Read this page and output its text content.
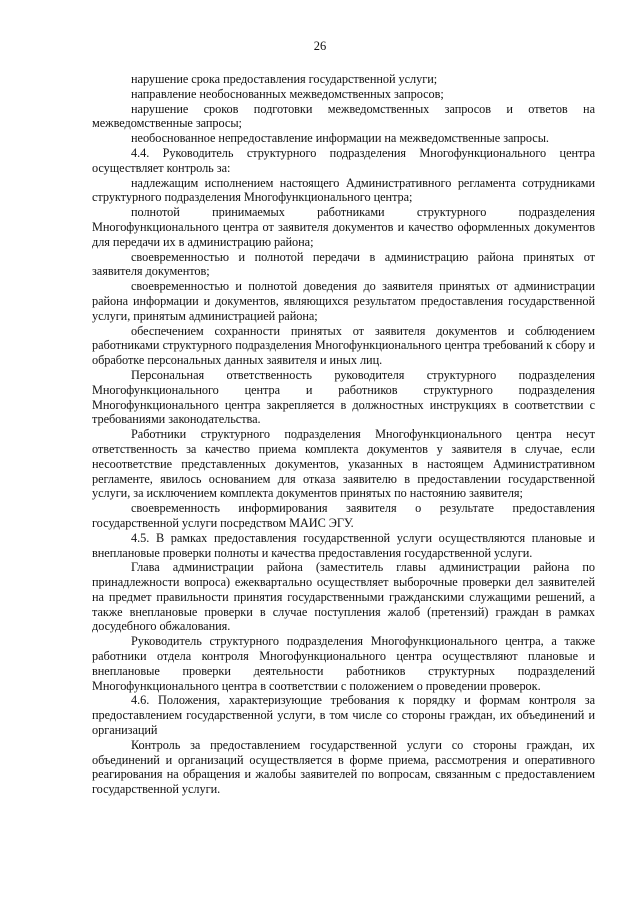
26

нарушение срока предоставления государственной услуги;

направление необоснованных межведомственных запросов;

нарушение сроков подготовки межведомственных запросов и ответов на межведомственные запросы;

необоснованное непредоставление информации на межведомственные запросы.

4.4. Руководитель структурного подразделения Многофункционального центра осуществляет контроль за:

надлежащим исполнением настоящего Административного регламента сотрудниками структурного подразделения Многофункционального центра;

полнотой принимаемых работниками структурного подразделения Многофункционального центра от заявителя документов и качество оформленных документов для передачи их в администрацию района;

своевременностью и полнотой передачи в администрацию района принятых от заявителя документов;

своевременностью и полнотой доведения до заявителя принятых от администрации района информации и документов, являющихся результатом предоставления государственной услуги, принятым администрацией района;

обеспечением сохранности принятых от заявителя документов и соблюдением работниками структурного подразделения Многофункционального центра требований к сбору и обработке персональных данных заявителя и иных лиц.

Персональная ответственность руководителя структурного подразделения Многофункционального центра и работников структурного подразделения Многофункционального центра закрепляется в должностных инструкциях в соответствии с требованиями законодательства.

Работники структурного подразделения Многофункционального центра несут ответственность за качество приема комплекта документов у заявителя в случае, если несоответствие представленных документов, указанных в настоящем Административном регламенте, явилось основанием для отказа заявителю в предоставлении государственной услуги, за исключением комплекта документов принятых по настоянию заявителя;

своевременность информирования заявителя о результате предоставления государственной услуги посредством МАИС ЭГУ.

4.5. В рамках предоставления государственной услуги осуществляются плановые и внеплановые проверки полноты и качества предоставления государственной услуги.

Глава администрации района (заместитель главы администрации района по принадлежности вопроса) ежеквартально осуществляет выборочные проверки дел заявителей на предмет правильности принятия государственными гражданскими служащими решений, а также внеплановые проверки в случае поступления жалоб (претензий) граждан в рамках досудебного обжалования.

Руководитель структурного подразделения Многофункционального центра, а также работники отдела контроля Многофункционального центра осуществляют плановые и внеплановые проверки деятельности работников структурных подразделений Многофункционального центра в соответствии с положением о проведении проверок.

4.6. Положения, характеризующие требования к порядку и формам контроля за предоставлением государственной услуги, в том числе со стороны граждан, их объединений и организаций

Контроль за предоставлением государственной услуги со стороны граждан, их объединений и организаций осуществляется в форме приема, рассмотрения и оперативного реагирования на обращения и жалобы заявителей по вопросам, связанным с предоставлением государственной услуги.
